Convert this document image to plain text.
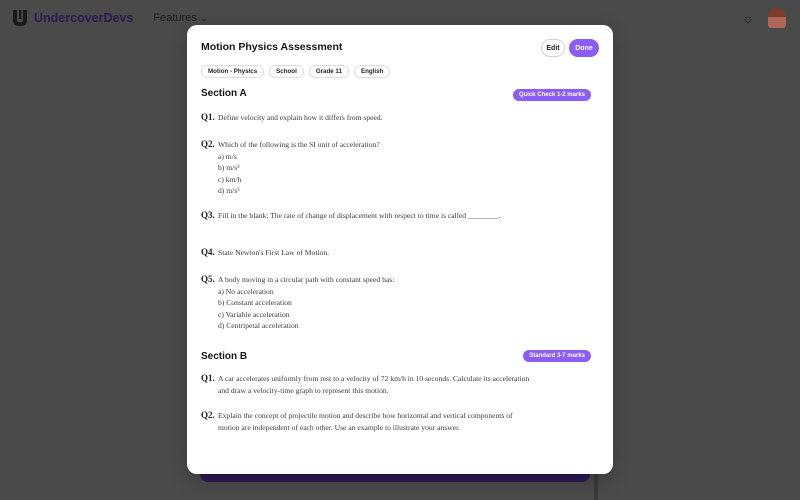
UndercoverDevs Features ⌄	☼
Motion Physics Assessment	Edit	Done
Motion - Physics	School	Grade 11	English
Section A	Quick Check 1-2 marks
Q1. Define velocity and explain how it differs from speed.
Q2. Which of the following is the SI unit of acceleration?
a) m/s
b) m/s²
c) km/h
d) m/s³
Q3. Fill in the blank: The rate of change of displacement with respect to time is called ________.
Q4. State Newton's First Law of Motion.
Q5. A body moving in a circular path with constant speed has:
a) No acceleration
b) Constant acceleration
c) Variable acceleration
d) Centripetal acceleration
Section B	Standard 3-7 marks
Q1. A car accelerates uniformly from rest to a velocity of 72 km/h in 10 seconds. Calculate its acceleration and draw a velocity-time graph to represent this motion.
Q2. Explain the concept of projectile motion and describe how horizontal and vertical components of motion are independent of each other. Use an example to illustrate your answer.
